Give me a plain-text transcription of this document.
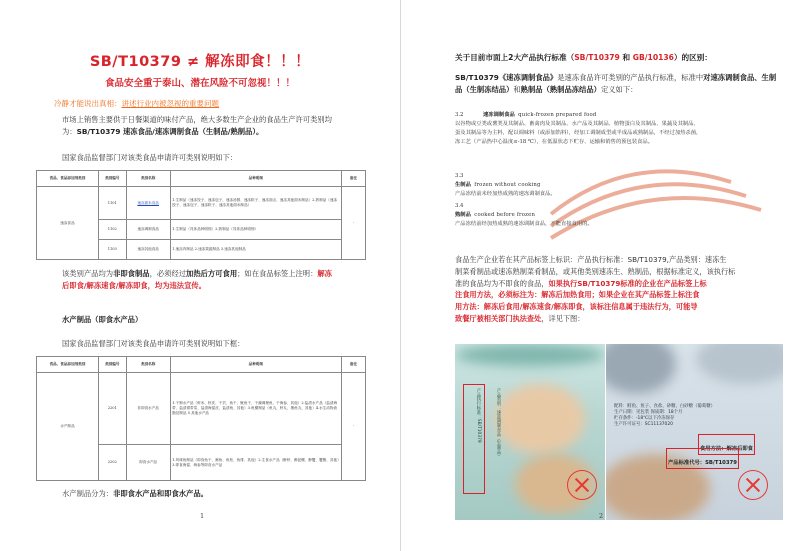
SB/T10379 ≠ 解冻即食！！！
食品安全重于泰山、潜在风险不可忽视！！！
冷静才能说出真相：讲述行业内被忽视的重要问题
市场上销售主要供于日餐渠道的味付产品，绝大多数生产企业的食品生产许可类别均
为：SB/T10379 速冻食品/速冻调制食品（生制品/熟制品）。
国家食品监督部门对该类食品申请许可类别说明如下：
食品、食品添加剂类别	类别编号	类别名称	品种明细	备注
速冻食品	1101	速冻面米食品	1.生制品（速冻饺子、速冻包子、速冻汤圆、速冻粽子、速冻面点、速冻其他面米制品）2.熟制品（速冻饺子、速冻包子、速冻粽子、速冻其他面米制品）	-
	1102	速冻调制食品	1.生制品（具体品种明细）2.熟制品（具体品种明细）	
	1103	速冻其他食品	1.速冻肉制品 2.速冻果蔬制品 3.速冻其他制品	
该类别产品均为非即食制品，必须经过加热后方可食用；如在食品标签上注明：解冻
后即食/解冻速食/解冻即食，均为违法宣传。
水产制品（即食水产品）
国家食品监督部门对该类食品申请许可类别说明如下框：
食品、食品添加剂类别	类别编号	类别名称	品种明细	备注
水产制品	2201	非即食水产品	1.干制水产品（虾米、虾皮、干贝、鱼干、鱿鱼干、干燥调理鱼、干海参、其他）2.盐渍水产品（盐渍海带、盐渍裙带菜、盐渍海蜇皮、盐渍鱼、其他）3.鱼糜制品（鱼丸、虾丸、墨鱼丸、其他）4.水生动物油脂及制品 5.其他水产品	-
	2202	即食水产品	1.风味鱼制品（即食鱼干、熏鱼、鱼松、鱼排、其他）2.生食水产品（醉虾、醉泥螺、醉蟹、蟹酱、其他）3.即食海蜇、海参等即食水产品	
水产制品分为：非即食水产品和即食水产品。
1
关于目前市面上2大产品执行标准（SB/T10379 和 GB/10136）的区别：
SB/T10379《速冻调制食品》是速冻食品许可类别的产品执行标准，标准中对速冻调制食品、生制品（生制冻结品）和熟制品（熟制品冻结品）定义如下：
3.2	速冻调制食品 quick-frozen prepared food
以谷物或豆类或薯类及其制品、畜禽肉及其制品、水产品及其制品、植物蛋白及其制品、果蔬及其制品、
蛋及其制品等为主料，配以调味料（或添加馅料），经加工调制成型或半成品或熟制品，不经过加热杀菌，
冻工艺（产品热中心温度≤-18 ℃），在低温状态下贮存、运输和销售的预包装食品。
3.3
生制品 frozen without cooking
产品冻结前未经加热成熟的速冻调制食品。
3.4
熟制品 cooked before frozen
产品冻结前经加热成熟的速冻调制食品，不能直接食用的。
食品生产企业若在其产品标签上标识：产品执行标准：SB/T10379,产品类别：速冻生
制菜肴制品或速冻熟制菜肴制品，或其他类别速冻生、熟制品，根据标准定义，该执行标
准的食品均为不即食的食品，如果执行SB/T10379标准的企业在产品标签上标
注食用方法，必须标注为：解冻后加热食用；如果企业在其产品标签上标注食
用方法：解冻后食用/解冻速食/解冻即食，该标注信息属于违法行为，可能导
致餐厅被相关部门执法查处，详见下图：
产品执行标准：SB/T10379	产品类别：速冻调制食品（生制品）	配料：鳕鱼、鱼子、食盐、砂糖、白砂糖（葡萄糖）
生产日期：见包装 保质期：18个月
贮存条件：-18℃以下冷冻保存
生产许可证号：SC11137020
食用方法：解冻后即食
产品标准代号：SB/T10379
2
